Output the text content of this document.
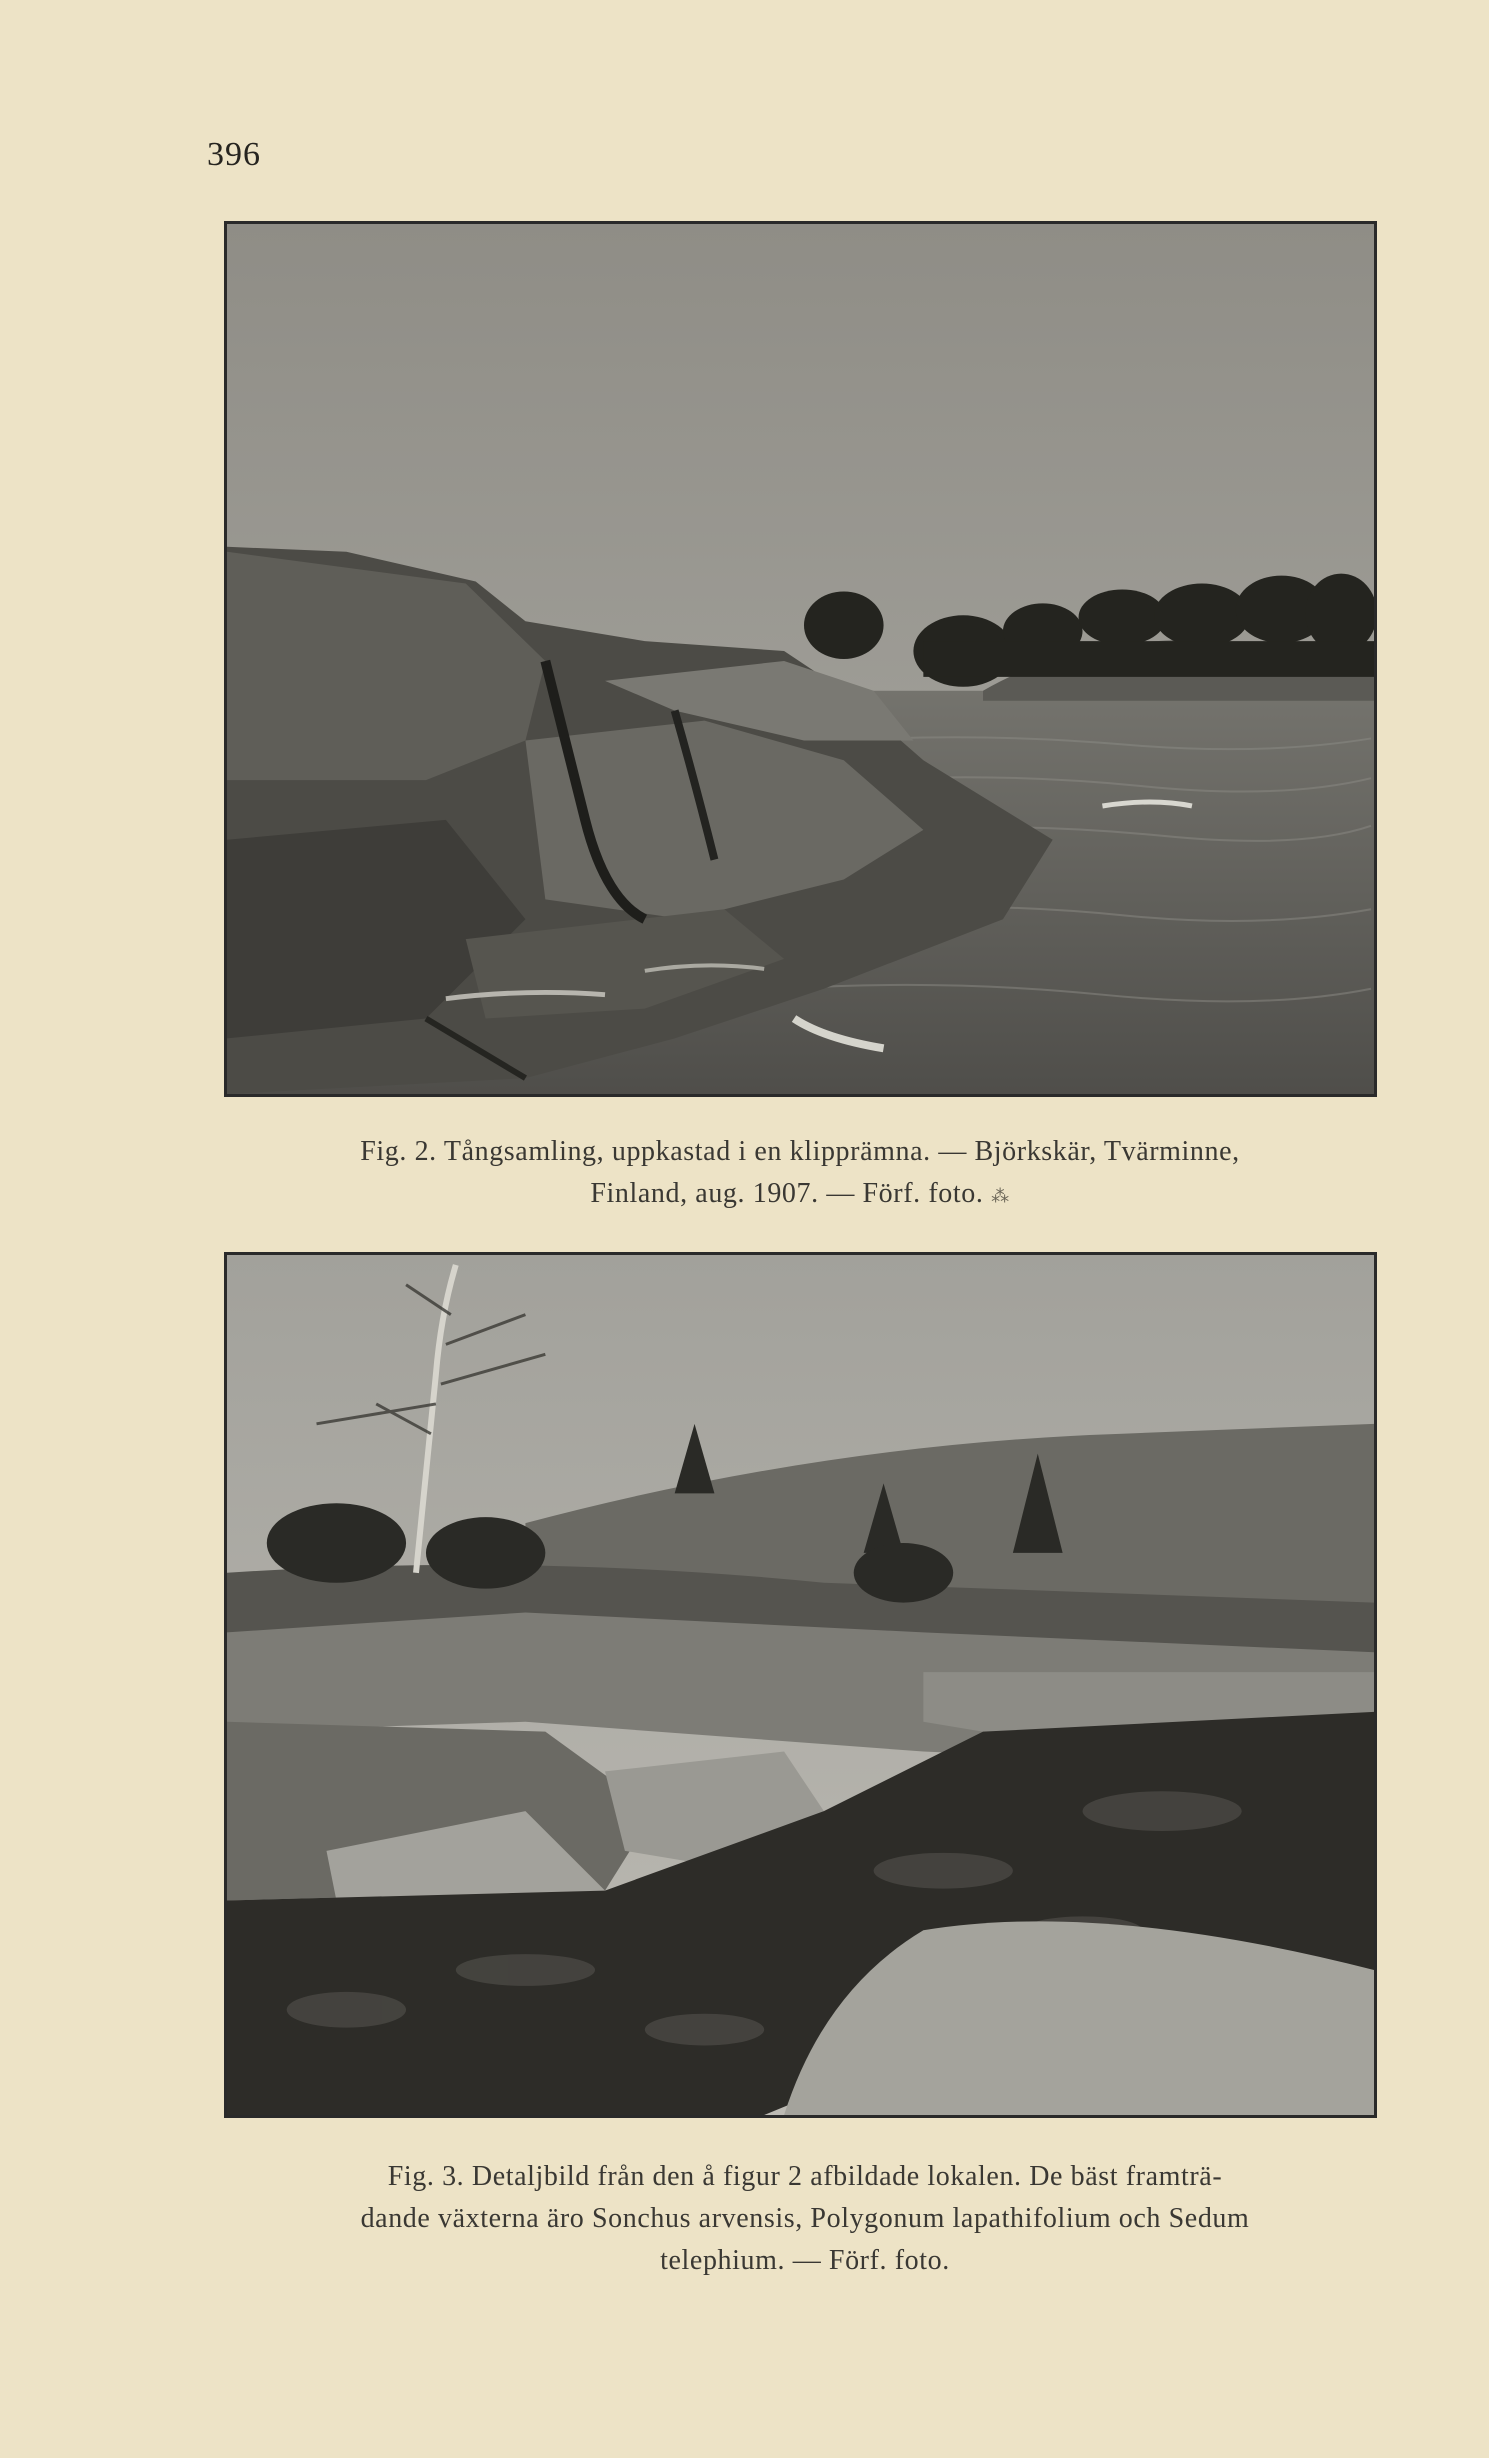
396
Fig. 2. Tångsamling, uppkastad i en klipprämna. — Björkskär, Tvärminne,
Finland, aug. 1907. — Förf. foto. ⁂
Fig. 3. Detaljbild från den å figur 2 afbildade lokalen. De bäst framträ-
dande växterna äro Sonchus arvensis, Polygonum lapathifolium och Sedum
telephium. — Förf. foto.
